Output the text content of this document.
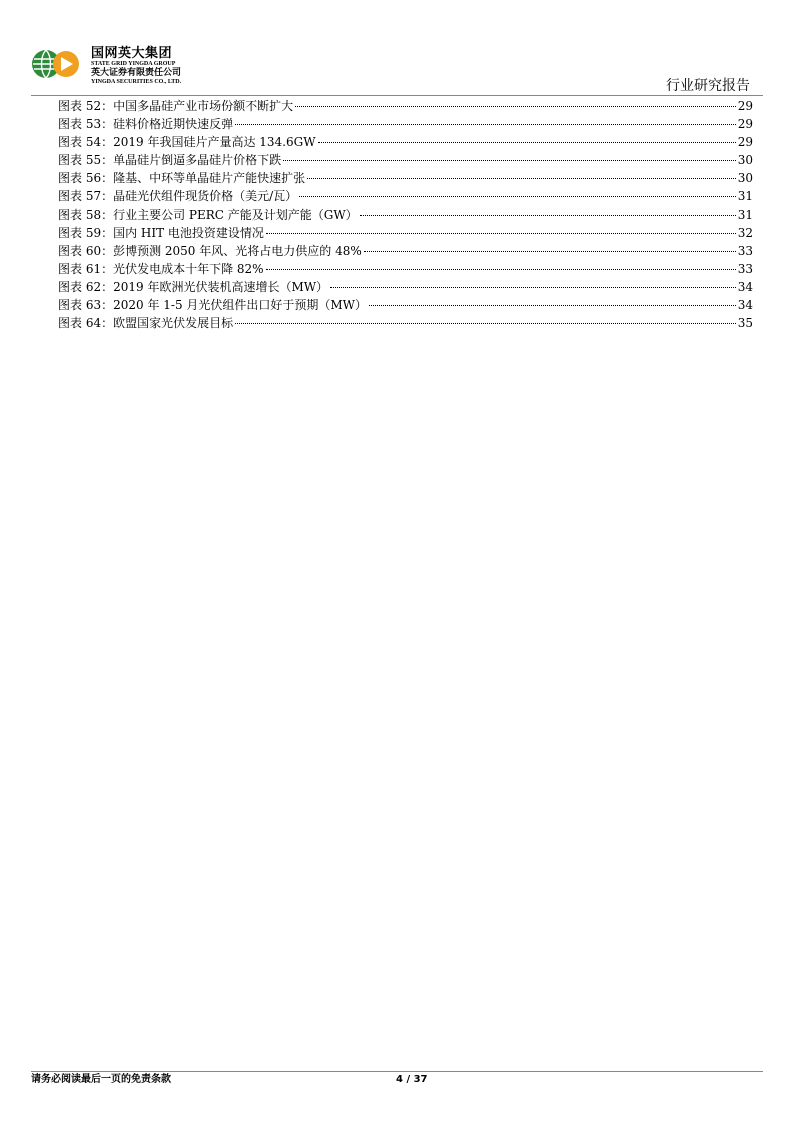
国网英大集团
STATE GRID YINGDA GROUP
英大证券有限责任公司
YINGDA SECURITIES CO., LTD.	行业研究报告
图表 52：中国多晶硅产业市场份额不断扩大	29
图表 53：硅料价格近期快速反弹	29
图表 54：2019 年我国硅片产量高达 134.6GW	29
图表 55：单晶硅片倒逼多晶硅片价格下跌	30
图表 56：隆基、中环等单晶硅片产能快速扩张	30
图表 57：晶硅光伏组件现货价格（美元/瓦）	31
图表 58：行业主要公司 PERC 产能及计划产能（GW）	31
图表 59：国内 HIT 电池投资建设情况	32
图表 60：彭博预测 2050 年风、光将占电力供应的 48%	33
图表 61：光伏发电成本十年下降 82%	33
图表 62：2019 年欧洲光伏装机高速增长（MW）	34
图表 63：2020 年 1-5 月光伏组件出口好于预期（MW）	34
图表 64：欧盟国家光伏发展目标	35
请务必阅读最后一页的免责条款	4 / 37
